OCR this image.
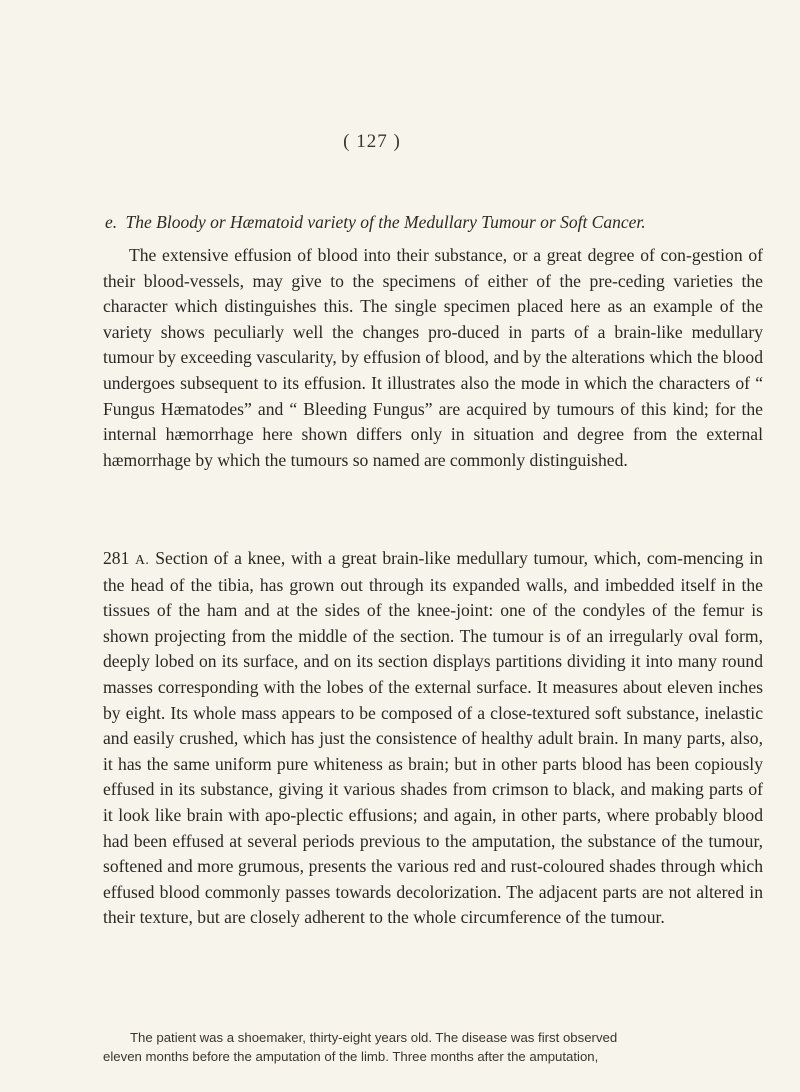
( 127 )
e. The Bloody or Hæmatoid variety of the Medullary Tumour or Soft Cancer.

The extensive effusion of blood into their substance, or a great degree of con-gestion of their blood-vessels, may give to the specimens of either of the pre-ceding varieties the character which distinguishes this. The single specimen placed here as an example of the variety shows peculiarly well the changes pro-duced in parts of a brain-like medullary tumour by exceeding vascularity, by effusion of blood, and by the alterations which the blood undergoes subsequent to its effusion. It illustrates also the mode in which the characters of “ Fungus Hæmatodes” and “ Bleeding Fungus” are acquired by tumours of this kind; for the internal hæmorrhage here shown differs only in situation and degree from the external hæmorrhage by which the tumours so named are commonly distinguished.

281 A. Section of a knee, with a great brain-like medullary tumour, which, com-mencing in the head of the tibia, has grown out through its expanded walls, and imbedded itself in the tissues of the ham and at the sides of the knee-joint: one of the condyles of the femur is shown projecting from the middle of the section. The tumour is of an irregularly oval form, deeply lobed on its surface, and on its section displays partitions dividing it into many round masses corresponding with the lobes of the external surface. It measures about eleven inches by eight. Its whole mass appears to be composed of a close-textured soft substance, inelastic and easily crushed, which has just the consistence of healthy adult brain. In many parts, also, it has the same uniform pure whiteness as brain; but in other parts blood has been copiously effused in its substance, giving it various shades from crimson to black, and making parts of it look like brain with apo-plectic effusions; and again, in other parts, where probably blood had been effused at several periods previous to the amputation, the substance of the tumour, softened and more grumous, presents the various red and rust-coloured shades through which effused blood commonly passes towards decolorization. The adjacent parts are not altered in their texture, but are closely adherent to the whole circumference of the tumour.

The patient was a shoemaker, thirty-eight years old. The disease was first observed
eleven months before the amputation of the limb. Three months after the amputation,
